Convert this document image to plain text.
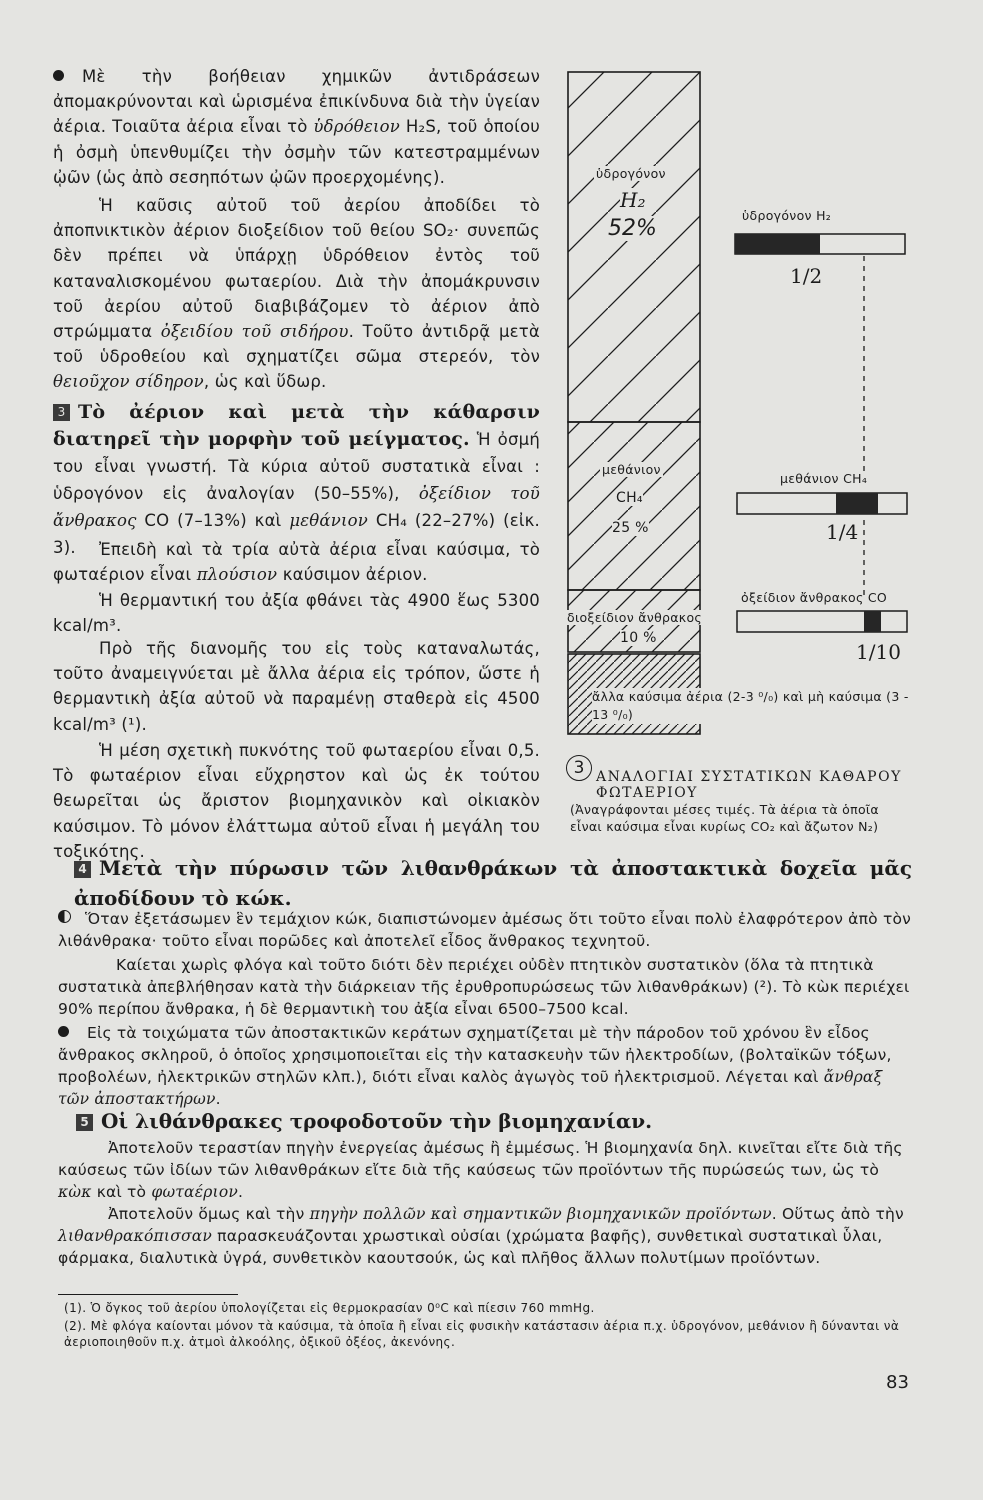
Μὲ τὴν βοήθειαν χημικῶν ἀντιδράσεων ἀπομακρύνονται καὶ ὡρισμένα ἐπικίνδυνα διὰ τὴν ὑγείαν ἀέρια. Τοιαῦτα ἀέρια εἶναι τὸ ὑδρόθειον H₂S, τοῦ ὁποίου ἡ ὀσμὴ ὑπενθυμίζει τὴν ὀσμὴν τῶν κατεστραμμένων ᾠῶν (ὡς ἀπὸ σεσηπότων ᾠῶν προερχομένης).
Ἡ καῦσις αὐτοῦ τοῦ ἀερίου ἀποδίδει τὸ ἀποπνικτικὸν ἀέριον διοξείδιον τοῦ θείου SO₂· συνεπῶς δὲν πρέπει νὰ ὑπάρχῃ ὑδρόθειον ἐντὸς τοῦ καταναλισκομένου φωταερίου. Διὰ τὴν ἀπομάκρυνσιν τοῦ ἀερίου αὐτοῦ διαβιβάζομεν τὸ ἀέριον ἀπὸ στρώμματα ὀξειδίου τοῦ σιδήρου. Τοῦτο ἀντιδρᾷ μετὰ τοῦ ὑδροθείου καὶ σχηματίζει σῶμα στερεόν, τὸν θειοῦχον σίδηρον, ὡς καὶ ὕδωρ.
3 Τὸ ἀέριον καὶ μετὰ τὴν κάθαρσιν διατηρεῖ τὴν μορφὴν τοῦ μείγματος. Ἡ ὀσμή του εἶναι γνωστή. Τὰ κύρια αὐτοῦ συστατικὰ εἶναι : ὑδρογόνον εἰς ἀναλογίαν (50–55%), ὀξείδιον τοῦ ἄνθρακος CO (7–13%) καὶ μεθάνιον CH₄ (22–27%) (εἰκ. 3).	Ἐπειδὴ καὶ τὰ τρία αὐτὰ ἀέρια εἶναι καύσιμα, τὸ φωταέριον εἶναι πλούσιον καύσιμον ἀέριον.
Ἡ θερμαντική του ἀξία φθάνει τὰς 4900 ἕως 5300 kcal/m³.
Πρὸ τῆς διανομῆς του εἰς τοὺς καταναλωτάς, τοῦτο ἀναμειγνύεται μὲ ἄλλα ἀέρια εἰς τρόπον, ὥστε ἡ θερμαντικὴ ἀξία αὐτοῦ νὰ παραμένῃ σταθερὰ εἰς 4500 kcal/m³ (¹).
Ἡ μέση σχετικὴ πυκνότης τοῦ φωταερίου εἶναι 0,5. Τὸ φωταέριον εἶναι εὔχρηστον καὶ ὡς ἐκ τούτου θεωρεῖται ὡς ἄριστον βιομηχανικὸν καὶ οἰκιακὸν καύσιμον. Τὸ μόνον ἐλάττωμα αὐτοῦ εἶναι ἡ μεγάλη του τοξικότης.
ὑδρογόνον
H₂
52%
μεθάνιον
CH₄
25 %
διοξείδιον ἄνθρακος
10 %
ἄλλα καύσιμα ἀέρια (2-3 ⁰/₀) καὶ μὴ καύσιμα (3 - 13 ⁰/₀)
ὑδρογόνον H₂
1/2
μεθάνιον CH₄
1/4
ὀξείδιον ἄνθρακος CO
1/10
3 ΑΝΑΛΟΓΙΑΙ ΣΥΣΤΑΤΙΚΩΝ ΚΑΘΑΡΟΥ ΦΩΤΑΕΡΙΟΥ
(Ἀναγράφονται μέσες τιμές. Τὰ ἀέρια τὰ ὁποῖα εἶναι καύσιμα εἶναι κυρίως CO₂ καὶ ἄζωτον N₂)
4 Μετὰ τὴν πύρωσιν τῶν λιθανθράκων τὰ ἀποστακτικὰ δοχεῖα μᾶς ἀποδίδουν τὸ κώκ.
Ὅταν ἐξετάσωμεν ἓν τεμάχιον κώκ, διαπιστώνομεν ἀμέσως ὅτι τοῦτο εἶναι πολὺ ἐλαφρότερον ἀπὸ τὸν λιθάνθρακα· τοῦτο εἶναι πορῶδες καὶ ἀποτελεῖ εἶδος ἄνθρακος τεχνητοῦ.
Καίεται χωρὶς φλόγα καὶ τοῦτο διότι δὲν περιέχει οὐδὲν πτητικὸν συστατικὸν (ὅλα τὰ πτητικὰ συστατικὰ ἀπεβλήθησαν κατὰ τὴν διάρκειαν τῆς ἐρυθροπυρώσεως τῶν λιθανθράκων) (²). Τὸ κὼκ περιέχει 90% περίπου ἄνθρακα, ἡ δὲ θερμαντικὴ του ἀξία εἶναι 6500–7500 kcal.
Εἰς τὰ τοιχώματα τῶν ἀποστακτικῶν κεράτων σχηματίζεται μὲ τὴν πάροδον τοῦ χρόνου ἓν εἶδος ἄνθρακος σκληροῦ, ὁ ὁποῖος χρησιμοποιεῖται εἰς τὴν κατασκευὴν τῶν ἠλεκτροδίων, (βολταϊκῶν τόξων, προβολέων, ἠλεκτρικῶν στηλῶν κλπ.), διότι εἶναι καλὸς ἀγωγὸς τοῦ ἠλεκτρισμοῦ. Λέγεται καὶ ἄνθραξ τῶν ἀποστακτήρων.
5 Οἱ λιθάνθρακες τροφοδοτοῦν τὴν βιομηχανίαν.
Ἀποτελοῦν τεραστίαν πηγὴν ἐνεργείας ἀμέσως ἢ ἐμμέσως. Ἡ βιομηχανία δηλ. κινεῖται εἴτε διὰ τῆς καύσεως τῶν ἰδίων τῶν λιθανθράκων εἴτε διὰ τῆς καύσεως τῶν προϊόντων τῆς πυρώσεώς των, ὡς τὸ κὼκ καὶ τὸ φωταέριον.
Ἀποτελοῦν ὅμως καὶ τὴν πηγὴν πολλῶν καὶ σημαντικῶν βιομηχανικῶν προϊόντων. Οὕτως ἀπὸ τὴν λιθανθρακόπισσαν παρασκευάζονται χρωστικαὶ οὐσίαι (χρώματα βαφῆς), συνθετικαὶ συστατικαὶ ὗλαι, φάρμακα, διαλυτικὰ ὑγρά, συνθετικὸν καουτσούκ, ὡς καὶ πλῆθος ἄλλων πολυτίμων προϊόντων.
(1). Ὁ ὄγκος τοῦ ἀερίου ὑπολογίζεται εἰς θερμοκρασίαν 0⁰C καὶ πίεσιν 760 mmHg.
(2). Μὲ φλόγα καίονται μόνον τὰ καύσιμα, τὰ ὁποῖα ἢ εἶναι εἰς φυσικὴν κατάστασιν ἀέρια π.χ. ὑδρογόνον, μεθάνιον ἢ δύνανται νὰ ἀεριοποιηθοῦν π.χ. ἀτμοὶ ἀλκοόλης, ὀξικοῦ ὀξέος, ἀκενόνης.
83
